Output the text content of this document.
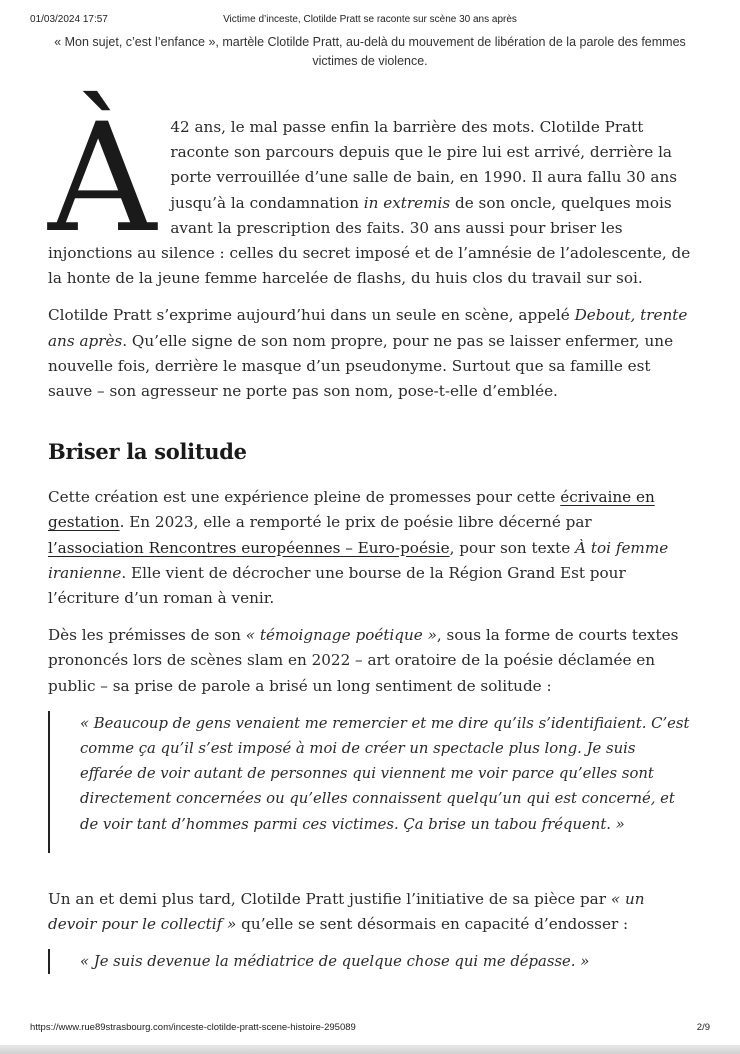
01/03/2024 17:57	Victime d’inceste, Clotilde Pratt se raconte sur scène 30 ans après
« Mon sujet, c’est l’enfance », martèle Clotilde Pratt, au-delà du mouvement de libération de la parole des femmes victimes de violence.

À 42 ans, le mal passe enfin la barrière des mots. Clotilde Pratt raconte son parcours depuis que le pire lui est arrivé, derrière la porte verrouillée d’une salle de bain, en 1990. Il aura fallu 30 ans jusqu’à la condamnation in extremis de son oncle, quelques mois avant la prescription des faits. 30 ans aussi pour briser les injonctions au silence : celles du secret imposé et de l’amnésie de l’adolescente, de la honte de la jeune femme harcelée de flashs, du huis clos du travail sur soi.

Clotilde Pratt s’exprime aujourd’hui dans un seule en scène, appelé Debout, trente ans après. Qu’elle signe de son nom propre, pour ne pas se laisser enfermer, une nouvelle fois, derrière le masque d’un pseudonyme. Surtout que sa famille est sauve – son agresseur ne porte pas son nom, pose-t-elle d’emblée.

Briser la solitude

Cette création est une expérience pleine de promesses pour cette écrivaine en gestation. En 2023, elle a remporté le prix de poésie libre décerné par l’association Rencontres européennes – Euro-poésie, pour son texte À toi femme iranienne. Elle vient de décrocher une bourse de la Région Grand Est pour l’écriture d’un roman à venir.

Dès les prémisses de son « témoignage poétique », sous la forme de courts textes prononcés lors de scènes slam en 2022 – art oratoire de la poésie déclamée en public – sa prise de parole a brisé un long sentiment de solitude :

« Beaucoup de gens venaient me remercier et me dire qu’ils s’identifiaient. C’est comme ça qu’il s’est imposé à moi de créer un spectacle plus long. Je suis effarée de voir autant de personnes qui viennent me voir parce qu’elles sont directement concernées ou qu’elles connaissent quelqu’un qui est concerné, et de voir tant d’hommes parmi ces victimes. Ça brise un tabou fréquent. »

Un an et demi plus tard, Clotilde Pratt justifie l’initiative de sa pièce par « un devoir pour le collectif » qu’elle se sent désormais en capacité d’endosser :

« Je suis devenue la médiatrice de quelque chose qui me dépasse. »
https://www.rue89strasbourg.com/inceste-clotilde-pratt-scene-histoire-295089	2/9
